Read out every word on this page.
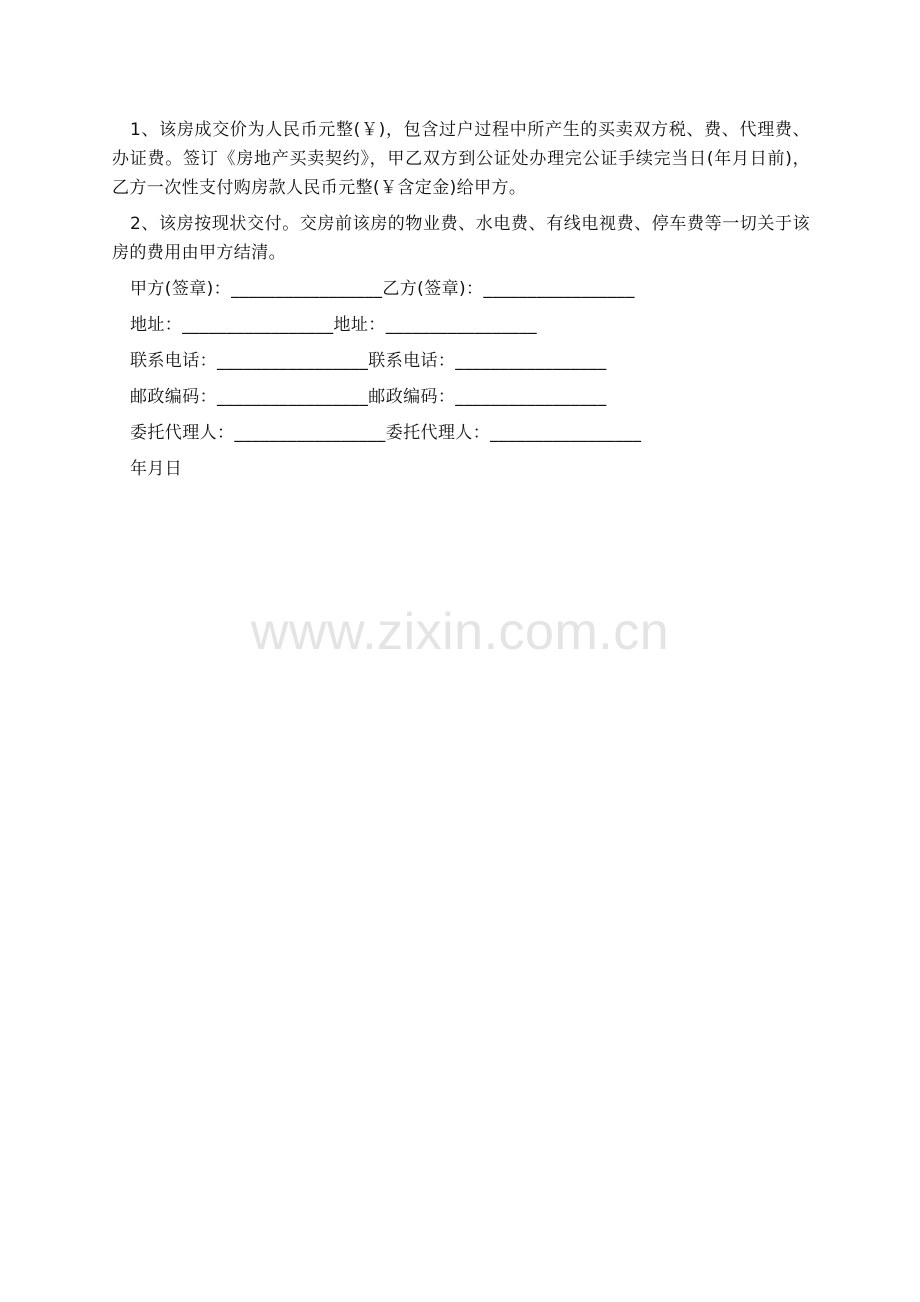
1、该房成交价为人民币元整(￥)，包含过户过程中所产生的买卖双方税、费、代理费、办证费。签订《房地产买卖契约》，甲乙双方到公证处办理完公证手续完当日(年月日前)，乙方一次性支付购房款人民币元整(￥含定金)给甲方。

2、该房按现状交付。交房前该房的物业费、水电费、有线电视费、停车费等一切关于该房的费用由甲方结清。

甲方(签章)：_________________乙方(签章)：_________________
地址：_________________地址：_________________
联系电话：_________________联系电话：_________________
邮政编码：_________________邮政编码：_________________
委托代理人：_________________委托代理人：_________________
年月日
www.zixin.com.cn
